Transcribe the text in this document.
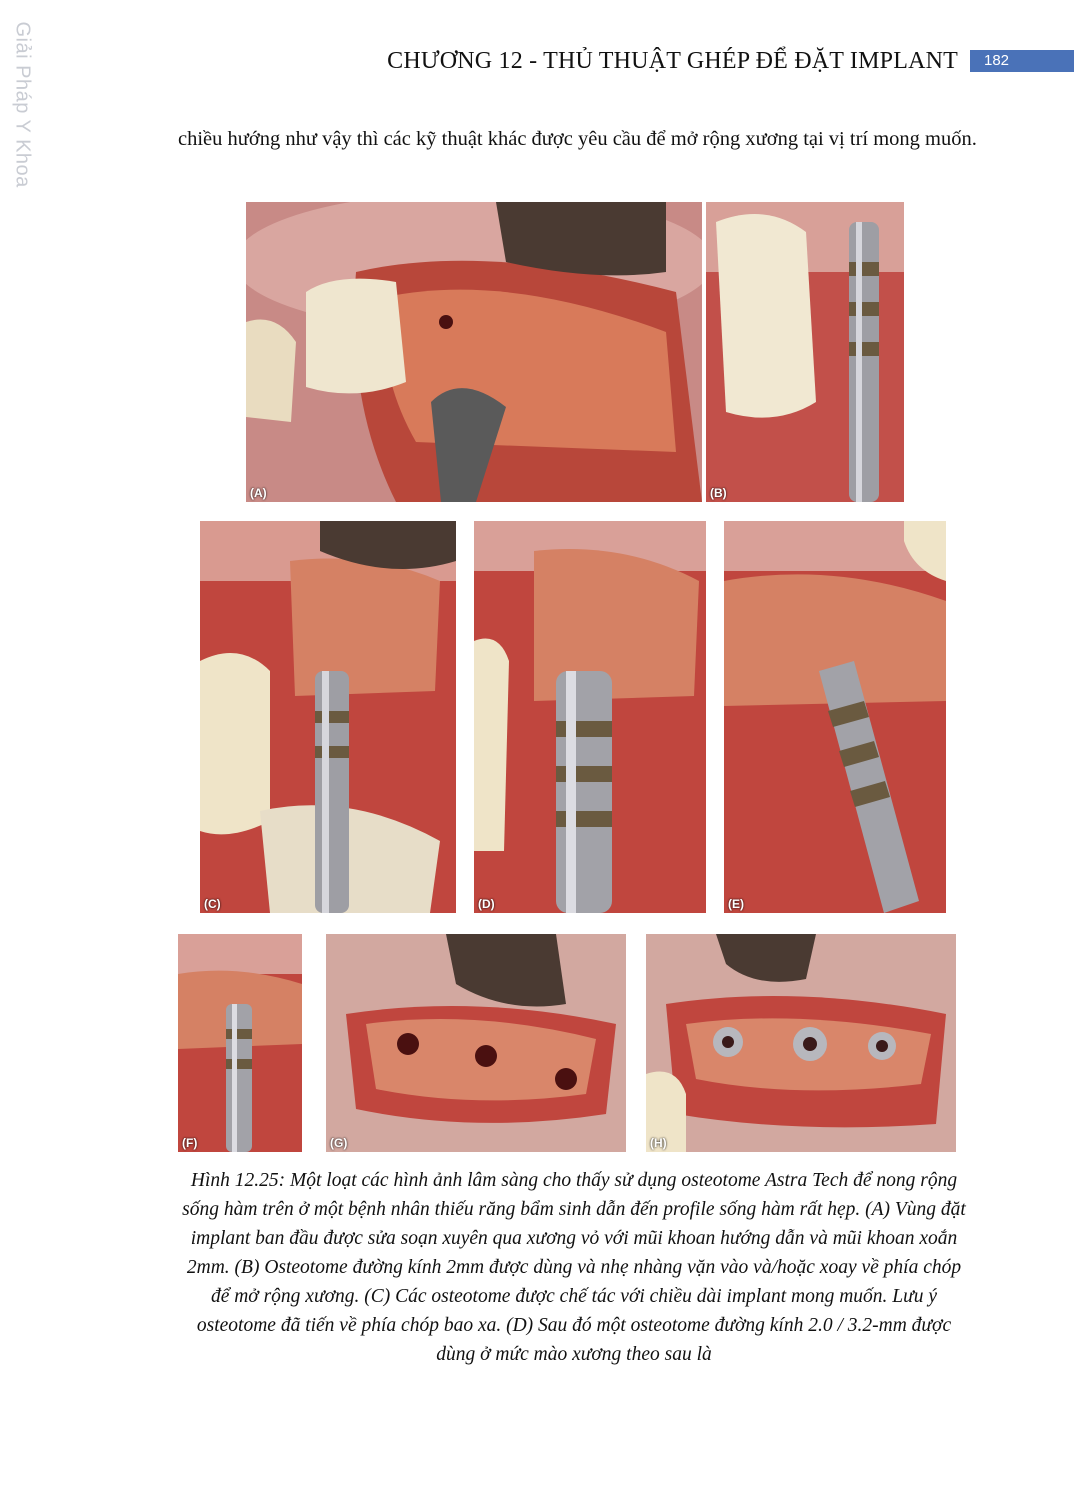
Giải Pháp Y Khoa	CHƯƠNG 12 - THỦ THUẬT GHÉP ĐỂ ĐẶT IMPLANT	182
chiều hướng như vậy thì các kỹ thuật khác được yêu cầu để mở rộng xương tại vị trí mong muốn.
(A)	(B)
(C)	(D)	(E)
(F)	(G)	(H)
Hình 12.25: Một loạt các hình ảnh lâm sàng cho thấy sử dụng osteotome Astra Tech để nong rộng sống hàm trên ở một bệnh nhân thiếu răng bẩm sinh dẫn đến profile sống hàm rất hẹp. (A) Vùng đặt implant ban đầu được sửa soạn xuyên qua xương vỏ với mũi khoan hướng dẫn và mũi khoan xoắn 2mm. (B) Osteotome đường kính 2mm được dùng và nhẹ nhàng vặn vào và/hoặc xoay về phía chóp để mở rộng xương. (C) Các osteotome được chế tác với chiều dài implant mong muốn. Lưu ý osteotome đã tiến về phía chóp bao xa. (D) Sau đó một osteotome đường kính 2.0 / 3.2-mm được dùng ở mức mào xương theo sau là
